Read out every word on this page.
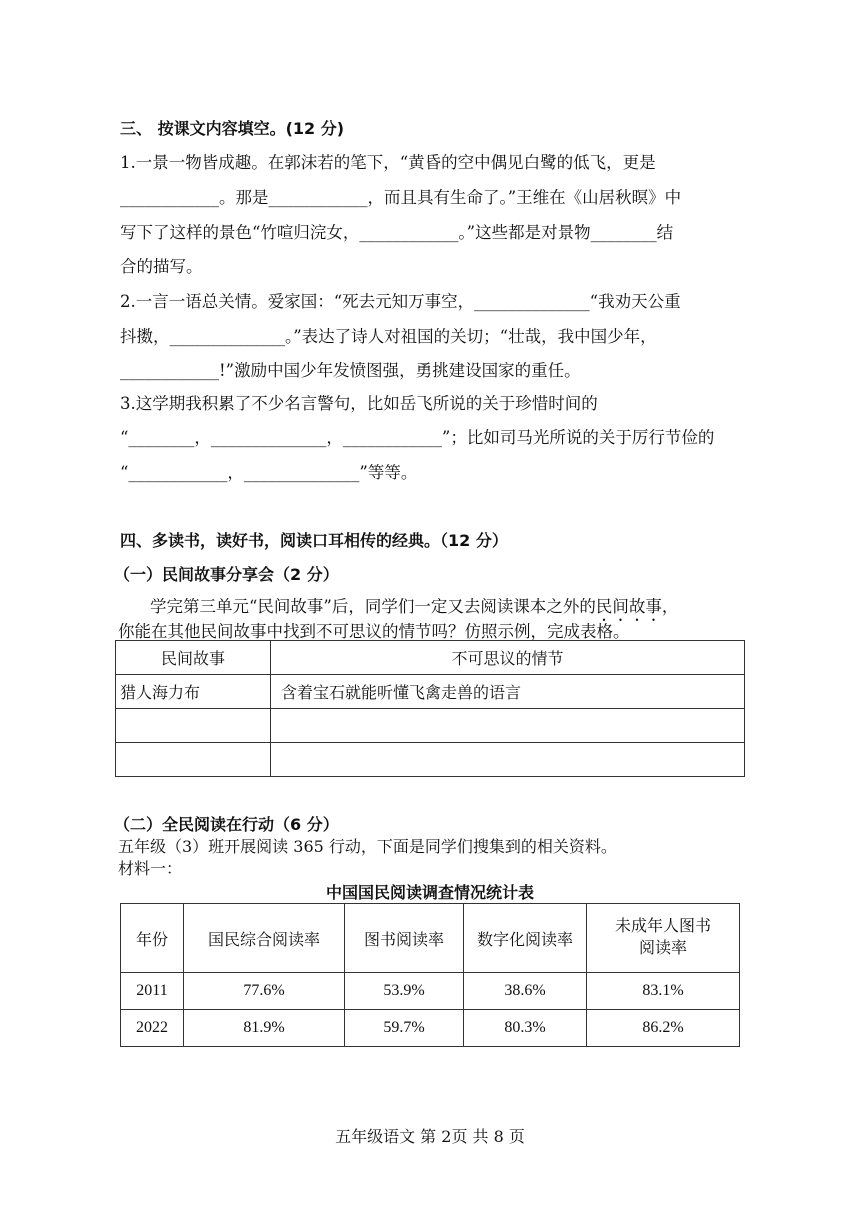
三、 按课文内容填空。(12 分)
1.一景一物皆成趣。在郭沫若的笔下，“黄昏的空中偶见白鹭的低飞，更是
____________。那是____________，而且具有生命了。”王维在《山居秋暝》中
写下了这样的景色“竹喧归浣女，____________。”这些都是对景物________结
合的描写。
2.一言一语总关情。爱家国：“死去元知万事空，______________“我劝天公重
抖擞，______________。”表达了诗人对祖国的关切；“壮哉，我中国少年，
____________!”激励中国少年发愤图强，勇挑建设国家的重任。
3.这学期我积累了不少名言警句，比如岳飞所说的关于珍惜时间的
“________，______________，____________”；比如司马光所说的关于厉行节俭的
“____________，______________”等等。
四、多读书，读好书，阅读口耳相传的经典。（12 分）
（一）民间故事分享会（2 分）
学完第三单元“民间故事”后，同学们一定又去阅读课本之外的民间故事，
你能在其他民间故事中找到不可思议的情节吗？仿照示例，完成表格。
民间故事	不可思议的情节
猎人海力布	含着宝石就能听懂飞禽走兽的语言

（二）全民阅读在行动（6 分）
五年级（3）班开展阅读 365 行动，下面是同学们搜集到的相关资料。
材料一：
中国国民阅读调查情况统计表
年份	国民综合阅读率	图书阅读率	数字化阅读率	未成年人图书
阅读率

2011	77.6%	53.9%	38.6%	83.1%
2022	81.9%	59.7%	80.3%	86.2%
五年级语文 第 2页 共 8 页
